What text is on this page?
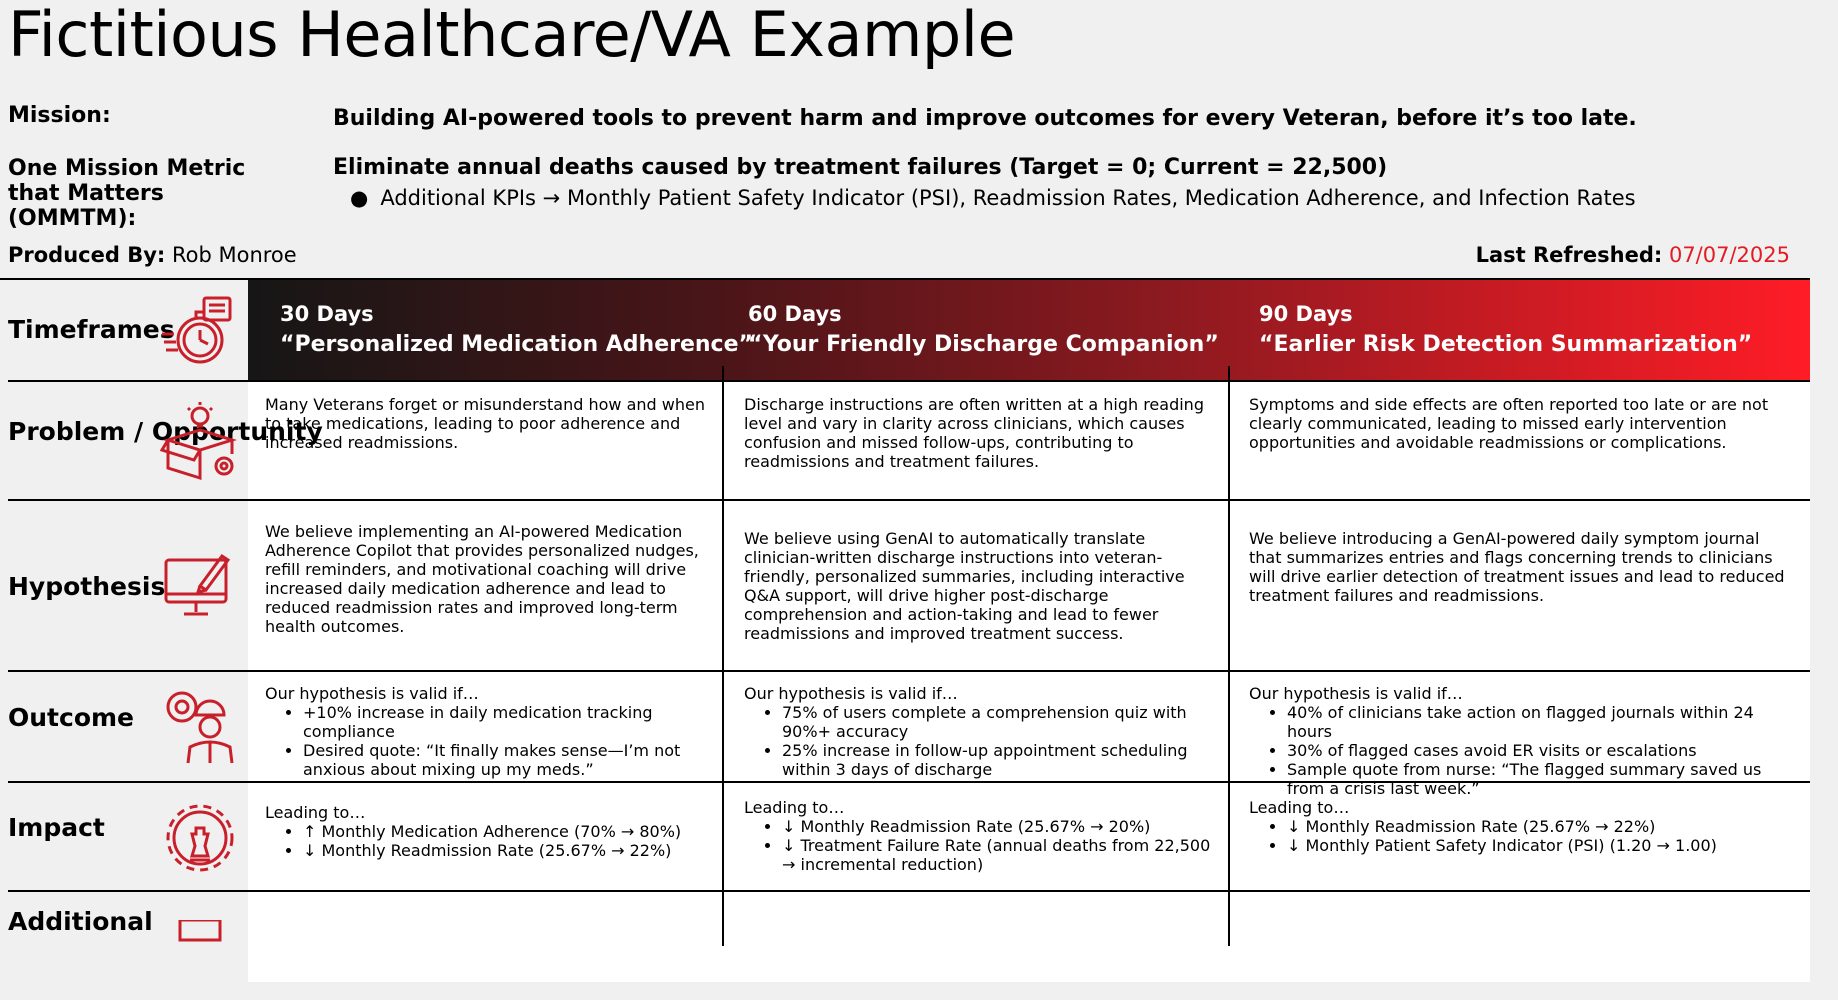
Fictitious Healthcare/VA Example
Mission:	Building AI-powered tools to prevent harm and improve outcomes for every Veteran, before it’s too late.
One Mission Metric that Matters (OMMTM):
Eliminate annual deaths caused by treatment failures (Target = 0; Current = 22,500)
● Additional KPIs → Monthly Patient Safety Indicator (PSI), Readmission Rates, Medication Adherence, and Infection Rates
Produced By: Rob Monroe	Last Refreshed: 07/07/2025
30 Days
“Personalized Medication Adherence”
60 Days
“Your Friendly Discharge Companion”
90 Days
“Earlier Risk Detection Summarization”
Timeframes
Problem / Opportunity
Hypothesis
Outcome
Impact
Additional
Many Veterans forget or misunderstand how and when to take medications, leading to poor adherence and increased readmissions.
Discharge instructions are often written at a high reading level and vary in clarity across clinicians, which causes confusion and missed follow-ups, contributing to readmissions and treatment failures.
Symptoms and side effects are often reported too late or are not clearly communicated, leading to missed early intervention opportunities and avoidable readmissions or complications.
We believe implementing an AI-powered Medication Adherence Copilot that provides personalized nudges, refill reminders, and motivational coaching will drive increased daily medication adherence and lead to reduced readmission rates and improved long-term health outcomes.
We believe using GenAI to automatically translate clinician-written discharge instructions into veteran-friendly, personalized summaries, including interactive Q&A support, will drive higher post-discharge comprehension and action-taking and lead to fewer readmissions and improved treatment success.
We believe introducing a GenAI-powered daily symptom journal that summarizes entries and flags concerning trends to clinicians will drive earlier detection of treatment issues and lead to reduced treatment failures and readmissions.
Our hypothesis is valid if…
• +10% increase in daily medication tracking compliance
• Desired quote: “It finally makes sense—I’m not anxious about mixing up my meds.”
Our hypothesis is valid if…
• 75% of users complete a comprehension quiz with 90%+ accuracy
• 25% increase in follow-up appointment scheduling within 3 days of discharge
Our hypothesis is valid if…
• 40% of clinicians take action on flagged journals within 24 hours
• 30% of flagged cases avoid ER visits or escalations
• Sample quote from nurse: “The flagged summary saved us from a crisis last week.”
Leading to…
• ↑ Monthly Medication Adherence (70% → 80%)
• ↓ Monthly Readmission Rate (25.67% → 22%)
Leading to…
• ↓ Monthly Readmission Rate (25.67% → 20%)
• ↓ Treatment Failure Rate (annual deaths from 22,500 → incremental reduction)
Leading to…
• ↓ Monthly Readmission Rate (25.67% → 22%)
• ↓ Monthly Patient Safety Indicator (PSI) (1.20 → 1.00)
